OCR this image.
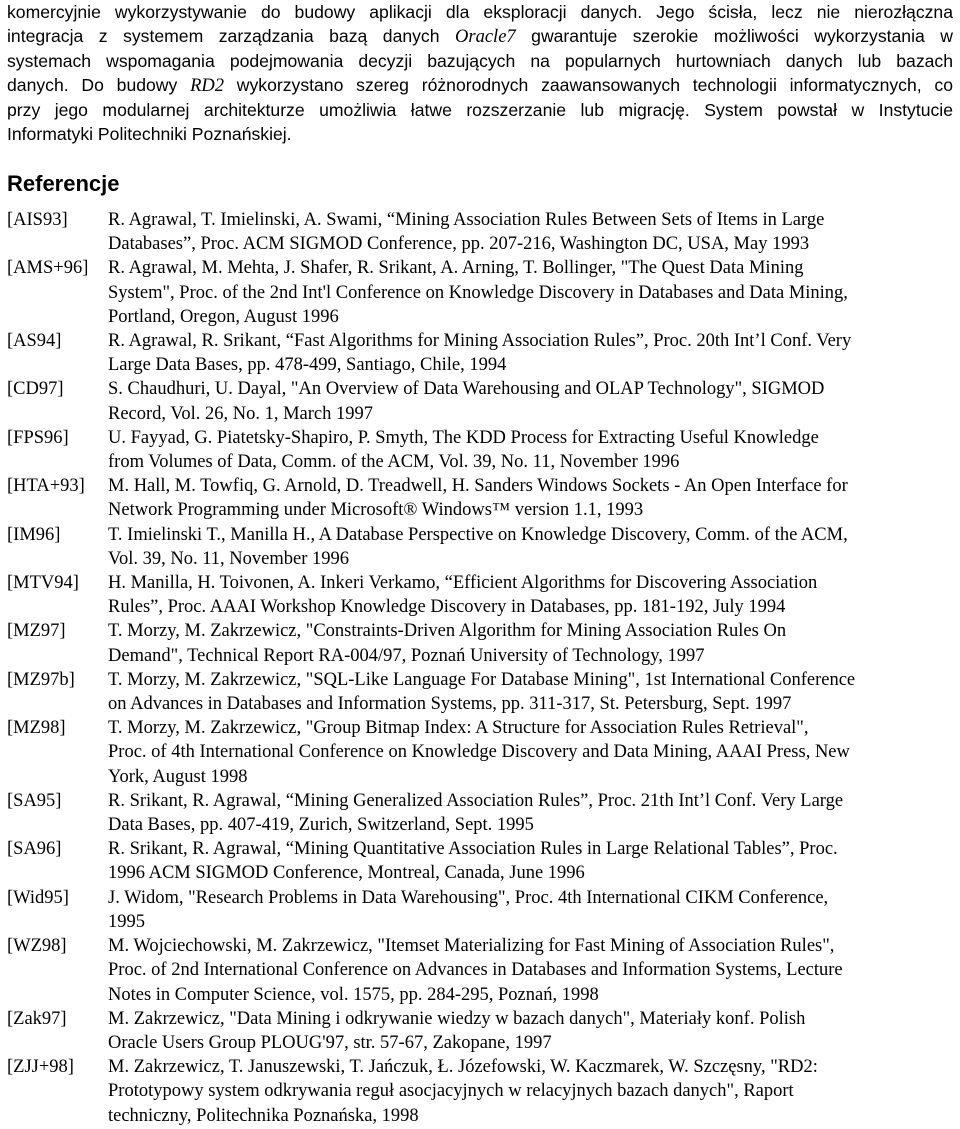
komercyjnie wykorzystywanie do budowy aplikacji dla eksploracji danych. Jego ścisła, lecz nie nierozłączna
integracja z systemem zarządzania bazą danych Oracle7 gwarantuje szerokie możliwości wykorzystania w
systemach wspomagania podejmowania decyzji bazujących na popularnych hurtowniach danych lub bazach
danych. Do budowy RD2 wykorzystano szereg różnorodnych zaawansowanych technologii informatycznych, co
przy jego modularnej architekturze umożliwia łatwe rozszerzanie lub migrację. System powstał w Instytucie
Informatyki Politechniki Poznańskiej.
Referencje
[AIS93]	R. Agrawal, T. Imielinski, A. Swami, “Mining Association Rules Between Sets of Items in Large
Databases”, Proc. ACM SIGMOD Conference, pp. 207-216, Washington DC, USA, May 1993
[AMS+96]	R. Agrawal, M. Mehta, J. Shafer, R. Srikant, A. Arning, T. Bollinger, "The Quest Data Mining
System", Proc. of the 2nd Int'l Conference on Knowledge Discovery in Databases and Data Mining,
Portland, Oregon, August 1996
[AS94]	R. Agrawal, R. Srikant, “Fast Algorithms for Mining Association Rules”, Proc. 20th Int’l Conf. Very
Large Data Bases, pp. 478-499, Santiago, Chile, 1994
[CD97]	S. Chaudhuri, U. Dayal, "An Overview of Data Warehousing and OLAP Technology", SIGMOD
Record, Vol. 26, No. 1, March 1997
[FPS96]	U. Fayyad, G. Piatetsky-Shapiro, P. Smyth, The KDD Process for Extracting Useful Knowledge
from Volumes of Data, Comm. of the ACM, Vol. 39, No. 11, November 1996
[HTA+93]	M. Hall, M. Towfiq, G. Arnold, D. Treadwell, H. Sanders Windows Sockets - An Open Interface for
Network Programming under Microsoft® Windows™ version 1.1, 1993
[IM96]	T. Imielinski T., Manilla H., A Database Perspective on Knowledge Discovery, Comm. of the ACM,
Vol. 39, No. 11, November 1996
[MTV94]	H. Manilla, H. Toivonen, A. Inkeri Verkamo, “Efficient Algorithms for Discovering Association
Rules”, Proc. AAAI Workshop Knowledge Discovery in Databases, pp. 181-192, July 1994
[MZ97]	T. Morzy, M. Zakrzewicz, "Constraints-Driven Algorithm for Mining Association Rules On
Demand", Technical Report RA-004/97, Poznań University of Technology, 1997
[MZ97b]	T. Morzy, M. Zakrzewicz, "SQL-Like Language For Database Mining", 1st International Conference
on Advances in Databases and Information Systems, pp. 311-317, St. Petersburg, Sept. 1997
[MZ98]	T. Morzy, M. Zakrzewicz, "Group Bitmap Index: A Structure for Association Rules Retrieval",
Proc. of 4th International Conference on Knowledge Discovery and Data Mining, AAAI Press, New
York, August 1998
[SA95]	R. Srikant, R. Agrawal, “Mining Generalized Association Rules”, Proc. 21th Int’l Conf. Very Large
Data Bases, pp. 407-419, Zurich, Switzerland, Sept. 1995
[SA96]	R. Srikant, R. Agrawal, “Mining Quantitative Association Rules in Large Relational Tables”, Proc.
1996 ACM SIGMOD Conference, Montreal, Canada, June 1996
[Wid95]	J. Widom, "Research Problems in Data Warehousing", Proc. 4th International CIKM Conference,
1995
[WZ98]	M. Wojciechowski, M. Zakrzewicz, "Itemset Materializing for Fast Mining of Association Rules",
Proc. of 2nd International Conference on Advances in Databases and Information Systems, Lecture
Notes in Computer Science, vol. 1575, pp. 284-295, Poznań, 1998
[Zak97]	M. Zakrzewicz, "Data Mining i odkrywanie wiedzy w bazach danych", Materiały konf. Polish
Oracle Users Group PLOUG'97, str. 57-67, Zakopane, 1997
[ZJJ+98]	M. Zakrzewicz, T. Januszewski, T. Jańczuk, Ł. Józefowski, W. Kaczmarek, W. Szczęsny, "RD2:
Prototypowy system odkrywania reguł asocjacyjnych w relacyjnych bazach danych", Raport
techniczny, Politechnika Poznańska, 1998
